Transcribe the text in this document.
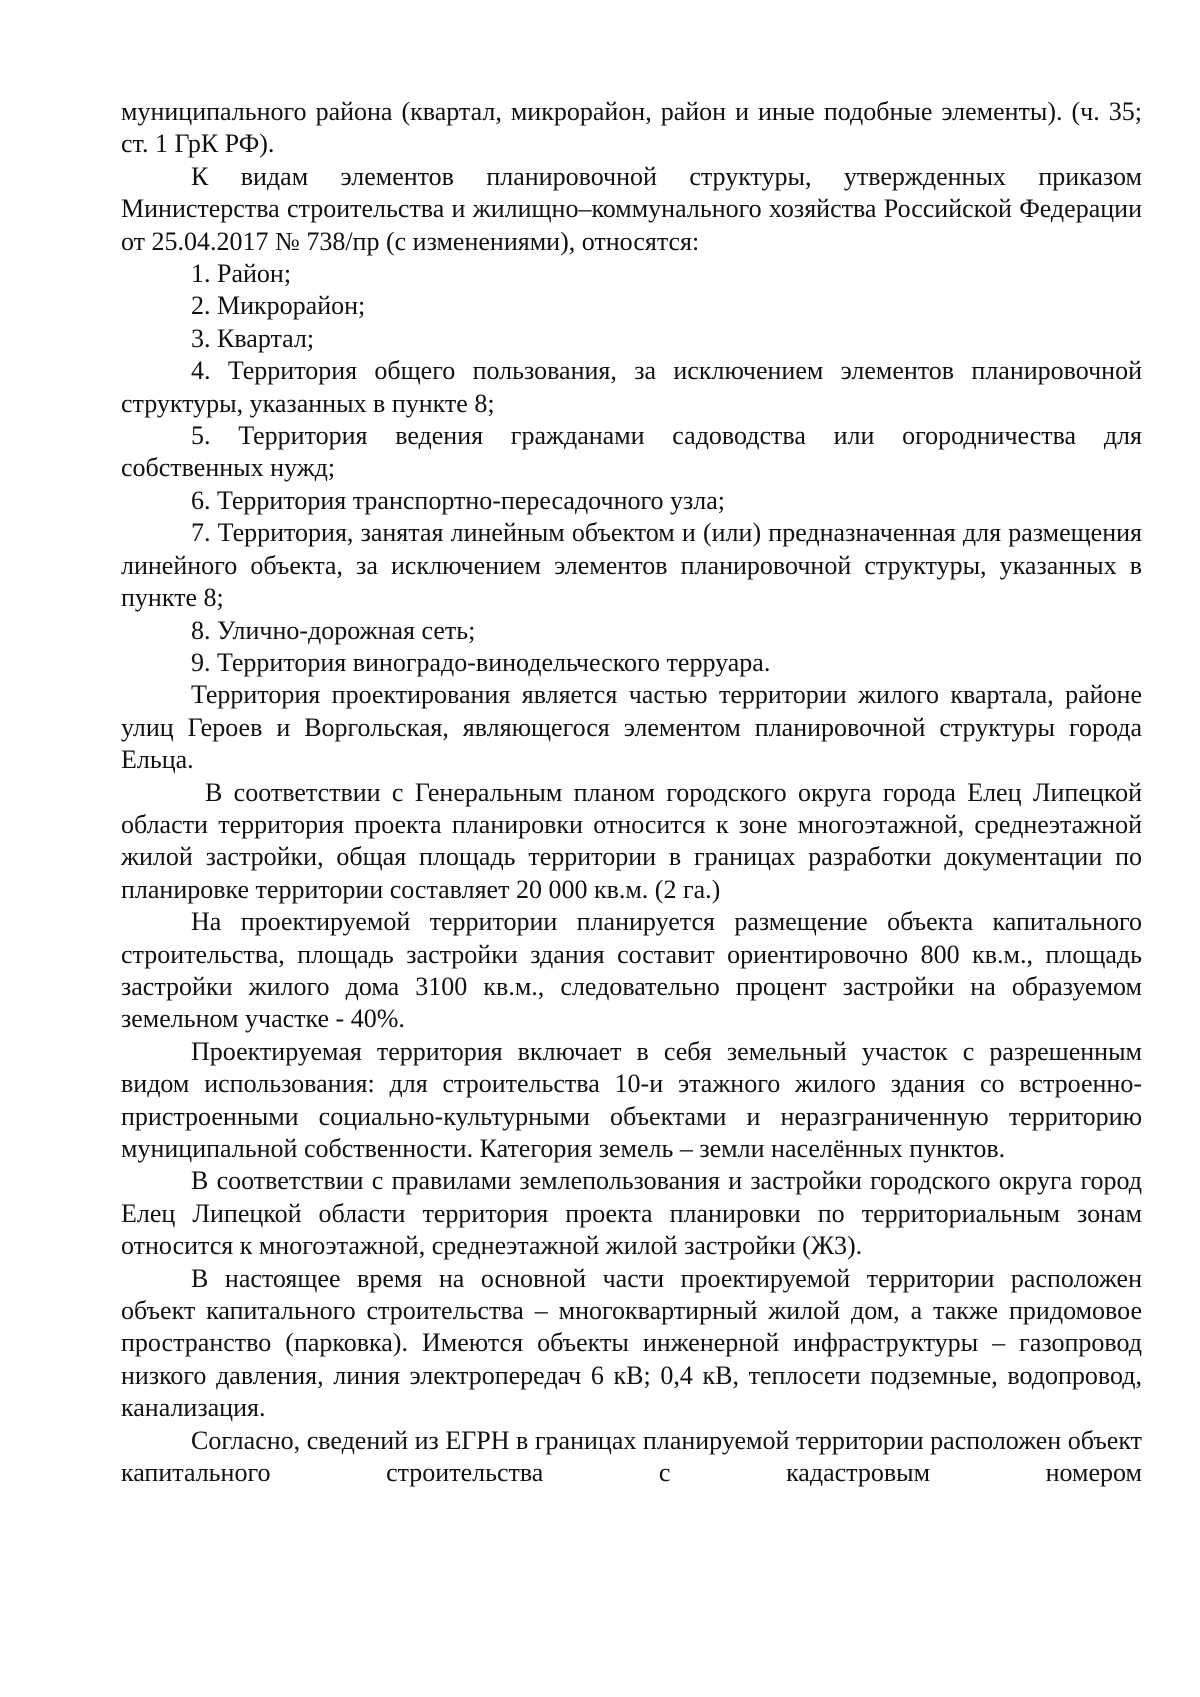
муниципального района (квартал, микрорайон, район и иные подобные элементы). (ч. 35; ст. 1 ГрК РФ).

К видам элементов планировочной структуры, утвержденных приказом Министерства строительства и жилищно–коммунального хозяйства Российской Федерации от 25.04.2017 № 738/пр (с изменениями), относятся:

1. Район;

2. Микрорайон;

3. Квартал;

4. Территория общего пользования, за исключением элементов планировочной структуры, указанных в пункте 8;

5. Территория ведения гражданами садоводства или огородничества для собственных нужд;

6. Территория транспортно-пересадочного узла;

7. Территория, занятая линейным объектом и (или) предназначенная для размещения линейного объекта, за исключением элементов планировочной структуры, указанных в пункте 8;

8. Улично-дорожная сеть;

9. Территория виноградо-винодельческого терруара.

Территория проектирования является частью территории жилого квартала, районе улиц Героев и Воргольская, являющегося элементом планировочной структуры города Ельца.

В соответствии с Генеральным планом городского округа города Елец Липецкой области территория проекта планировки относится к зоне многоэтажной, среднеэтажной жилой застройки, общая площадь территории в границах разработки документации по планировке территории составляет 20 000 кв.м. (2 га.)

На проектируемой территории планируется размещение объекта капитального строительства, площадь застройки здания составит ориентировочно 800 кв.м., площадь застройки жилого дома 3100 кв.м., следовательно процент застройки на образуемом земельном участке - 40%.

Проектируемая территория включает в себя земельный участок с разрешенным видом использования: для строительства 10-и этажного жилого здания со встроенно-пристроенными социально-культурными объектами и неразграниченную территорию муниципальной собственности. Категория земель – земли населённых пунктов.

В соответствии с правилами землепользования и застройки городского округа город Елец Липецкой области территория проекта планировки по территориальным зонам относится к многоэтажной, среднеэтажной жилой застройки (Ж3).

В настоящее время на основной части проектируемой территории расположен объект капитального строительства – многоквартирный жилой дом, а также придомовое пространство (парковка). Имеются объекты инженерной инфраструктуры – газопровод низкого давления, линия электропередач 6 кВ; 0,4 кВ, теплосети подземные, водопровод, канализация.

Согласно, сведений из ЕГРН в границах планируемой территории расположен объект капитального строительства с кадастровым номером
